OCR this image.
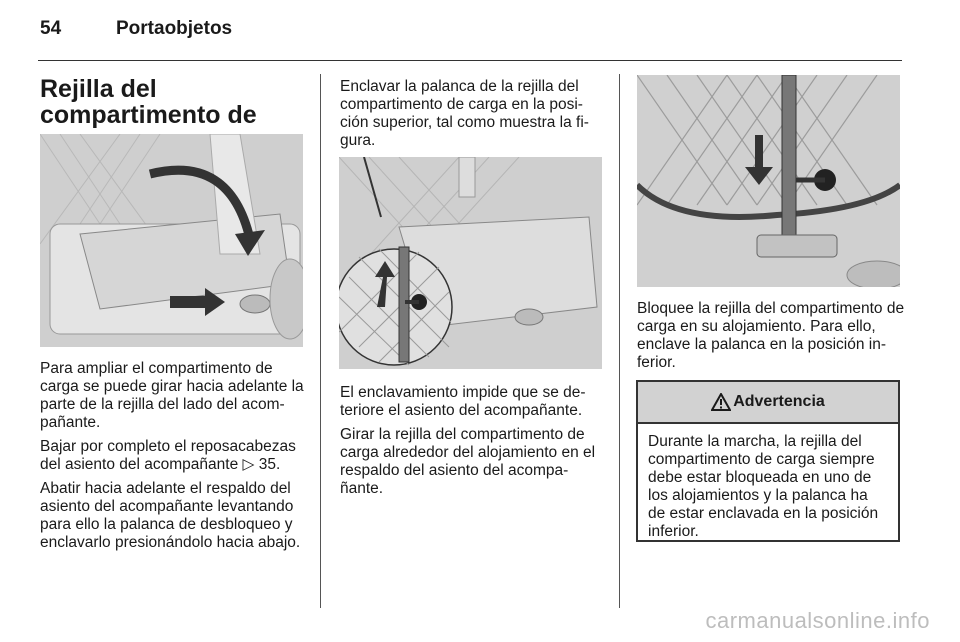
54	Portaobjetos
Rejilla del compartimento de

Para ampliar el compartimento de carga se puede girar hacia adelante la parte de la rejilla del lado del acom-pañante.

Bajar por completo el reposacabezas del asiento del acompañante ▷ 35.

Abatir hacia adelante el respaldo del asiento del acompañante levantando para ello la palanca de desbloqueo y enclavarlo presionándolo hacia abajo.

Enclavar la palanca de la rejilla del compartimento de carga en la posi-ción superior, tal como muestra la fi-gura.

El enclavamiento impide que se de-teriore el asiento del acompañante.

Girar la rejilla del compartimento de carga alrededor del alojamiento en el respaldo del asiento del acompa-ñante.

Bloquee la rejilla del compartimento de carga en su alojamiento. Para ello, enclave la palanca en la posición in-ferior.

Advertencia
Durante la marcha, la rejilla del compartimento de carga siempre debe estar bloqueada en uno de los alojamientos y la palanca ha de estar enclavada en la posición inferior.
carmanualsonline.info
